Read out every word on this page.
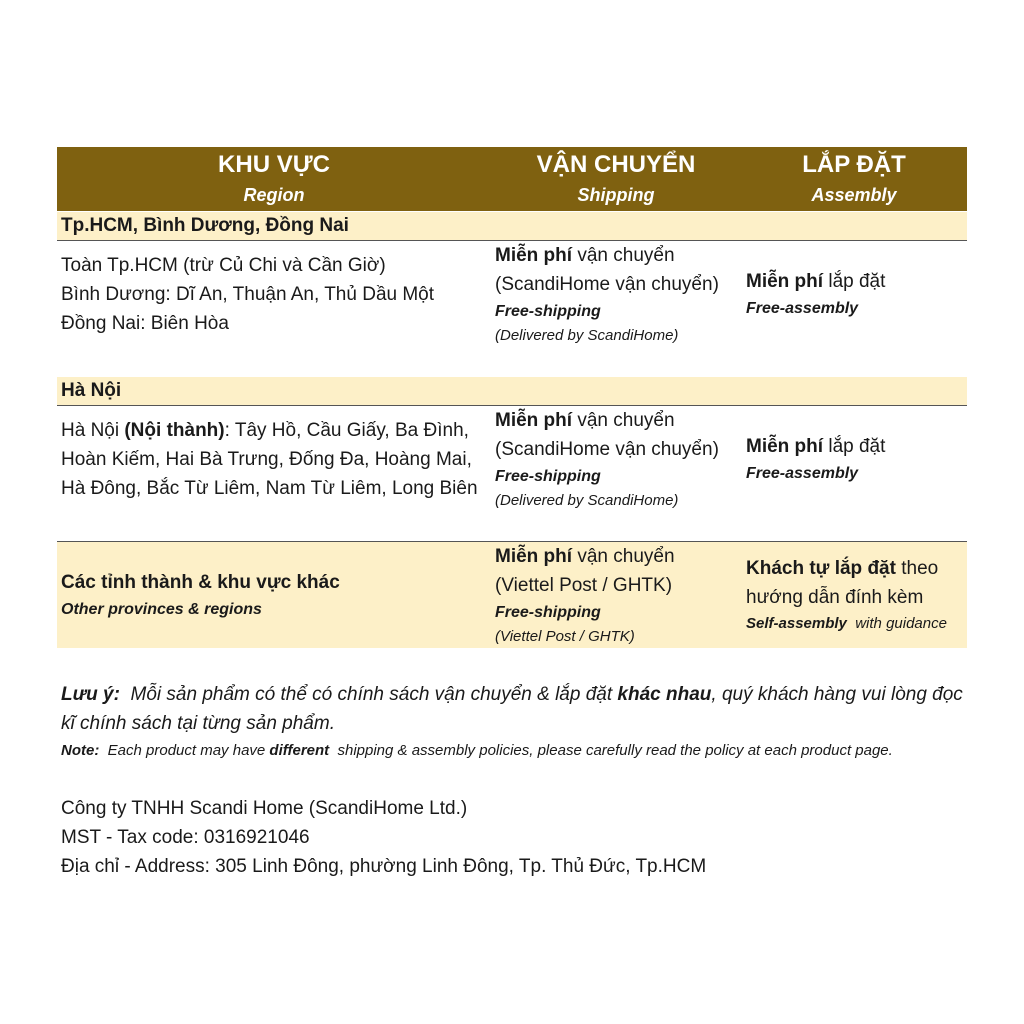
KHU VỰC
Region
VẬN CHUYỂN
Shipping
LẮP ĐẶT
Assembly
Tp.HCM, Bình Dương, Đồng Nai
Toàn Tp.HCM (trừ Củ Chi và Cần Giờ)
Bình Dương: Dĩ An, Thuận An, Thủ Dầu Một
Đồng Nai: Biên Hòa
Miễn phí vận chuyển
(ScandiHome vận chuyển)
Free-shipping
(Delivered by ScandiHome)
Miễn phí lắp đặt
Free-assembly
Hà Nội
Hà Nội (Nội thành): Tây Hồ, Cầu Giấy, Ba Đình,
Hoàn Kiếm, Hai Bà Trưng, Đống Đa, Hoàng Mai,
Hà Đông, Bắc Từ Liêm, Nam Từ Liêm, Long Biên
Miễn phí vận chuyển
(ScandiHome vận chuyển)
Free-shipping
(Delivered by ScandiHome)
Miễn phí lắp đặt
Free-assembly
Các tỉnh thành & khu vực khác
Other provinces & regions
Miễn phí vận chuyển
(Viettel Post / GHTK)
Free-shipping
(Viettel Post / GHTK)
Khách tự lắp đặt theo
hướng dẫn đính kèm
Self-assembly  with guidance
Lưu ý:  Mỗi sản phẩm có thể có chính sách vận chuyển & lắp đặt khác nhau, quý khách hàng vui lòng đọc
kĩ chính sách tại từng sản phẩm.
Note:  Each product may have different  shipping & assembly policies, please carefully read the policy at each product page.
Công ty TNHH Scandi Home (ScandiHome Ltd.)
MST - Tax code: 0316921046
Địa chỉ - Address: 305 Linh Đông, phường Linh Đông, Tp. Thủ Đức, Tp.HCM
